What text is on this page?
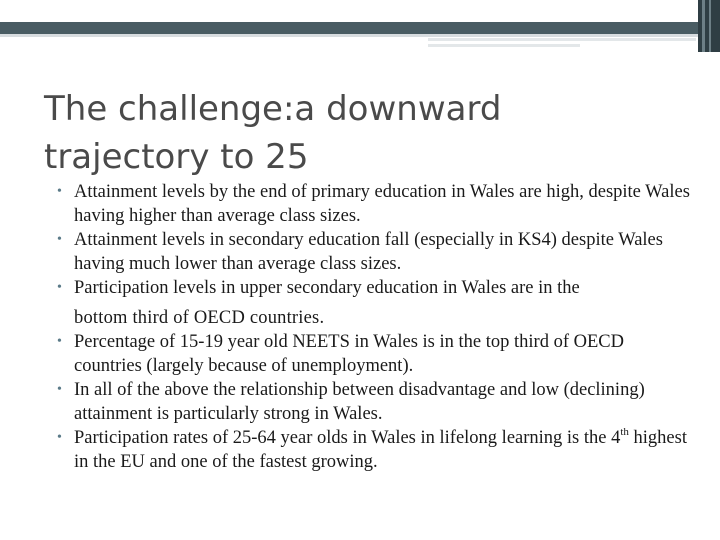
The challenge:a downward
trajectory to 25
• Attainment levels by the end of primary education in Wales are high, despite Wales having higher than average class sizes.
• Attainment levels in secondary education fall (especially in KS4) despite Wales having much lower than average class sizes.
• Participation levels in upper secondary education in Wales are in the
bottom third of OECD countries.
• Percentage of 15-19 year old NEETS in Wales is in the top third of OECD countries (largely because of unemployment).
• In all of the above the relationship between disadvantage and low (declining) attainment is particularly strong in Wales.
• Participation rates of 25-64 year olds in Wales in lifelong learning is the 4th highest in the EU and one of the fastest growing.
